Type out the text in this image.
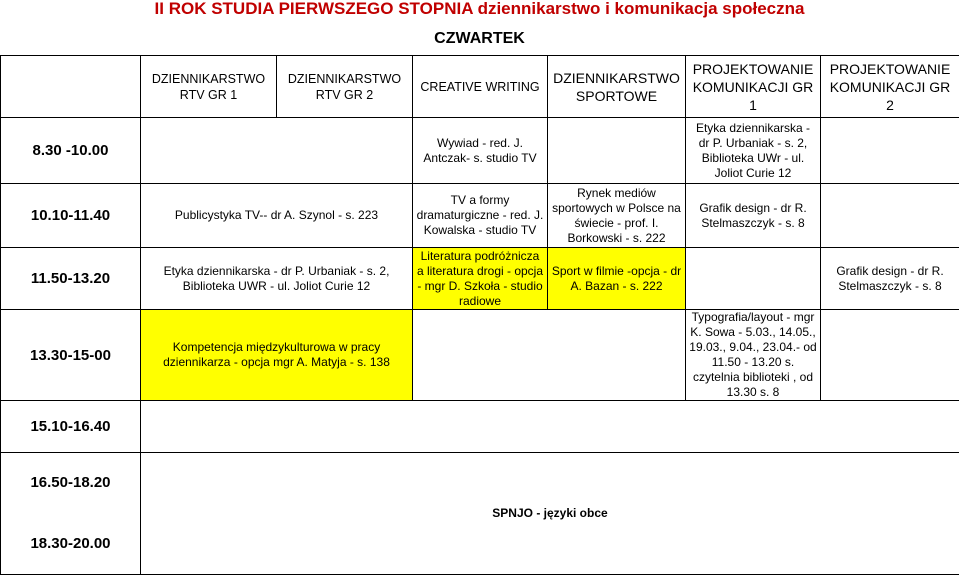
II ROK STUDIA PIERWSZEGO STOPNIA dziennikarstwo i komunikacja społeczna
CZWARTEK
	DZIENNIKARSTWO RTV GR 1	DZIENNIKARSTWO RTV GR 2	CREATIVE WRITING	DZIENNIKARSTWO SPORTOWE	PROJEKTOWANIE KOMUNIKACJI GR 1	PROJEKTOWANIE KOMUNIKACJI GR 2
8.30 -10.00			Wywiad - red. J. Antczak- s. studio TV		Etyka dziennikarska - dr P. Urbaniak - s. 2, Biblioteka UWr - ul. Joliot Curie 12	
10.10-11.40	Publicystyka TV-- dr A. Szynol - s. 223		TV a formy dramaturgiczne - red. J. Kowalska - studio TV	Rynek mediów sportowych w Polsce na świecie - prof. I. Borkowski - s. 222	Grafik design - dr R. Stelmaszczyk - s. 8	
11.50-13.20	Etyka dziennikarska - dr P. Urbaniak - s. 2, Biblioteka UWR - ul. Joliot Curie 12		Literatura podróżnicza a literatura drogi - opcja - mgr D. Szkoła - studio radiowe	Sport w filmie -opcja - dr A. Bazan - s. 222		Grafik design - dr R. Stelmaszczyk - s. 8
13.30-15-00	Kompetencja międzykulturowa w pracy dziennikarza - opcja mgr A. Matyja - s. 138				Typografia/layout - mgr K. Sowa - 5.03., 14.05., 19.03., 9.04., 23.04.- od 11.50 - 13.20 s. czytelnia biblioteki , od 13.30 s. 8	
15.10-16.40						
16.50-18.20	SPNJO - języki obce					
18.30-20.00						
